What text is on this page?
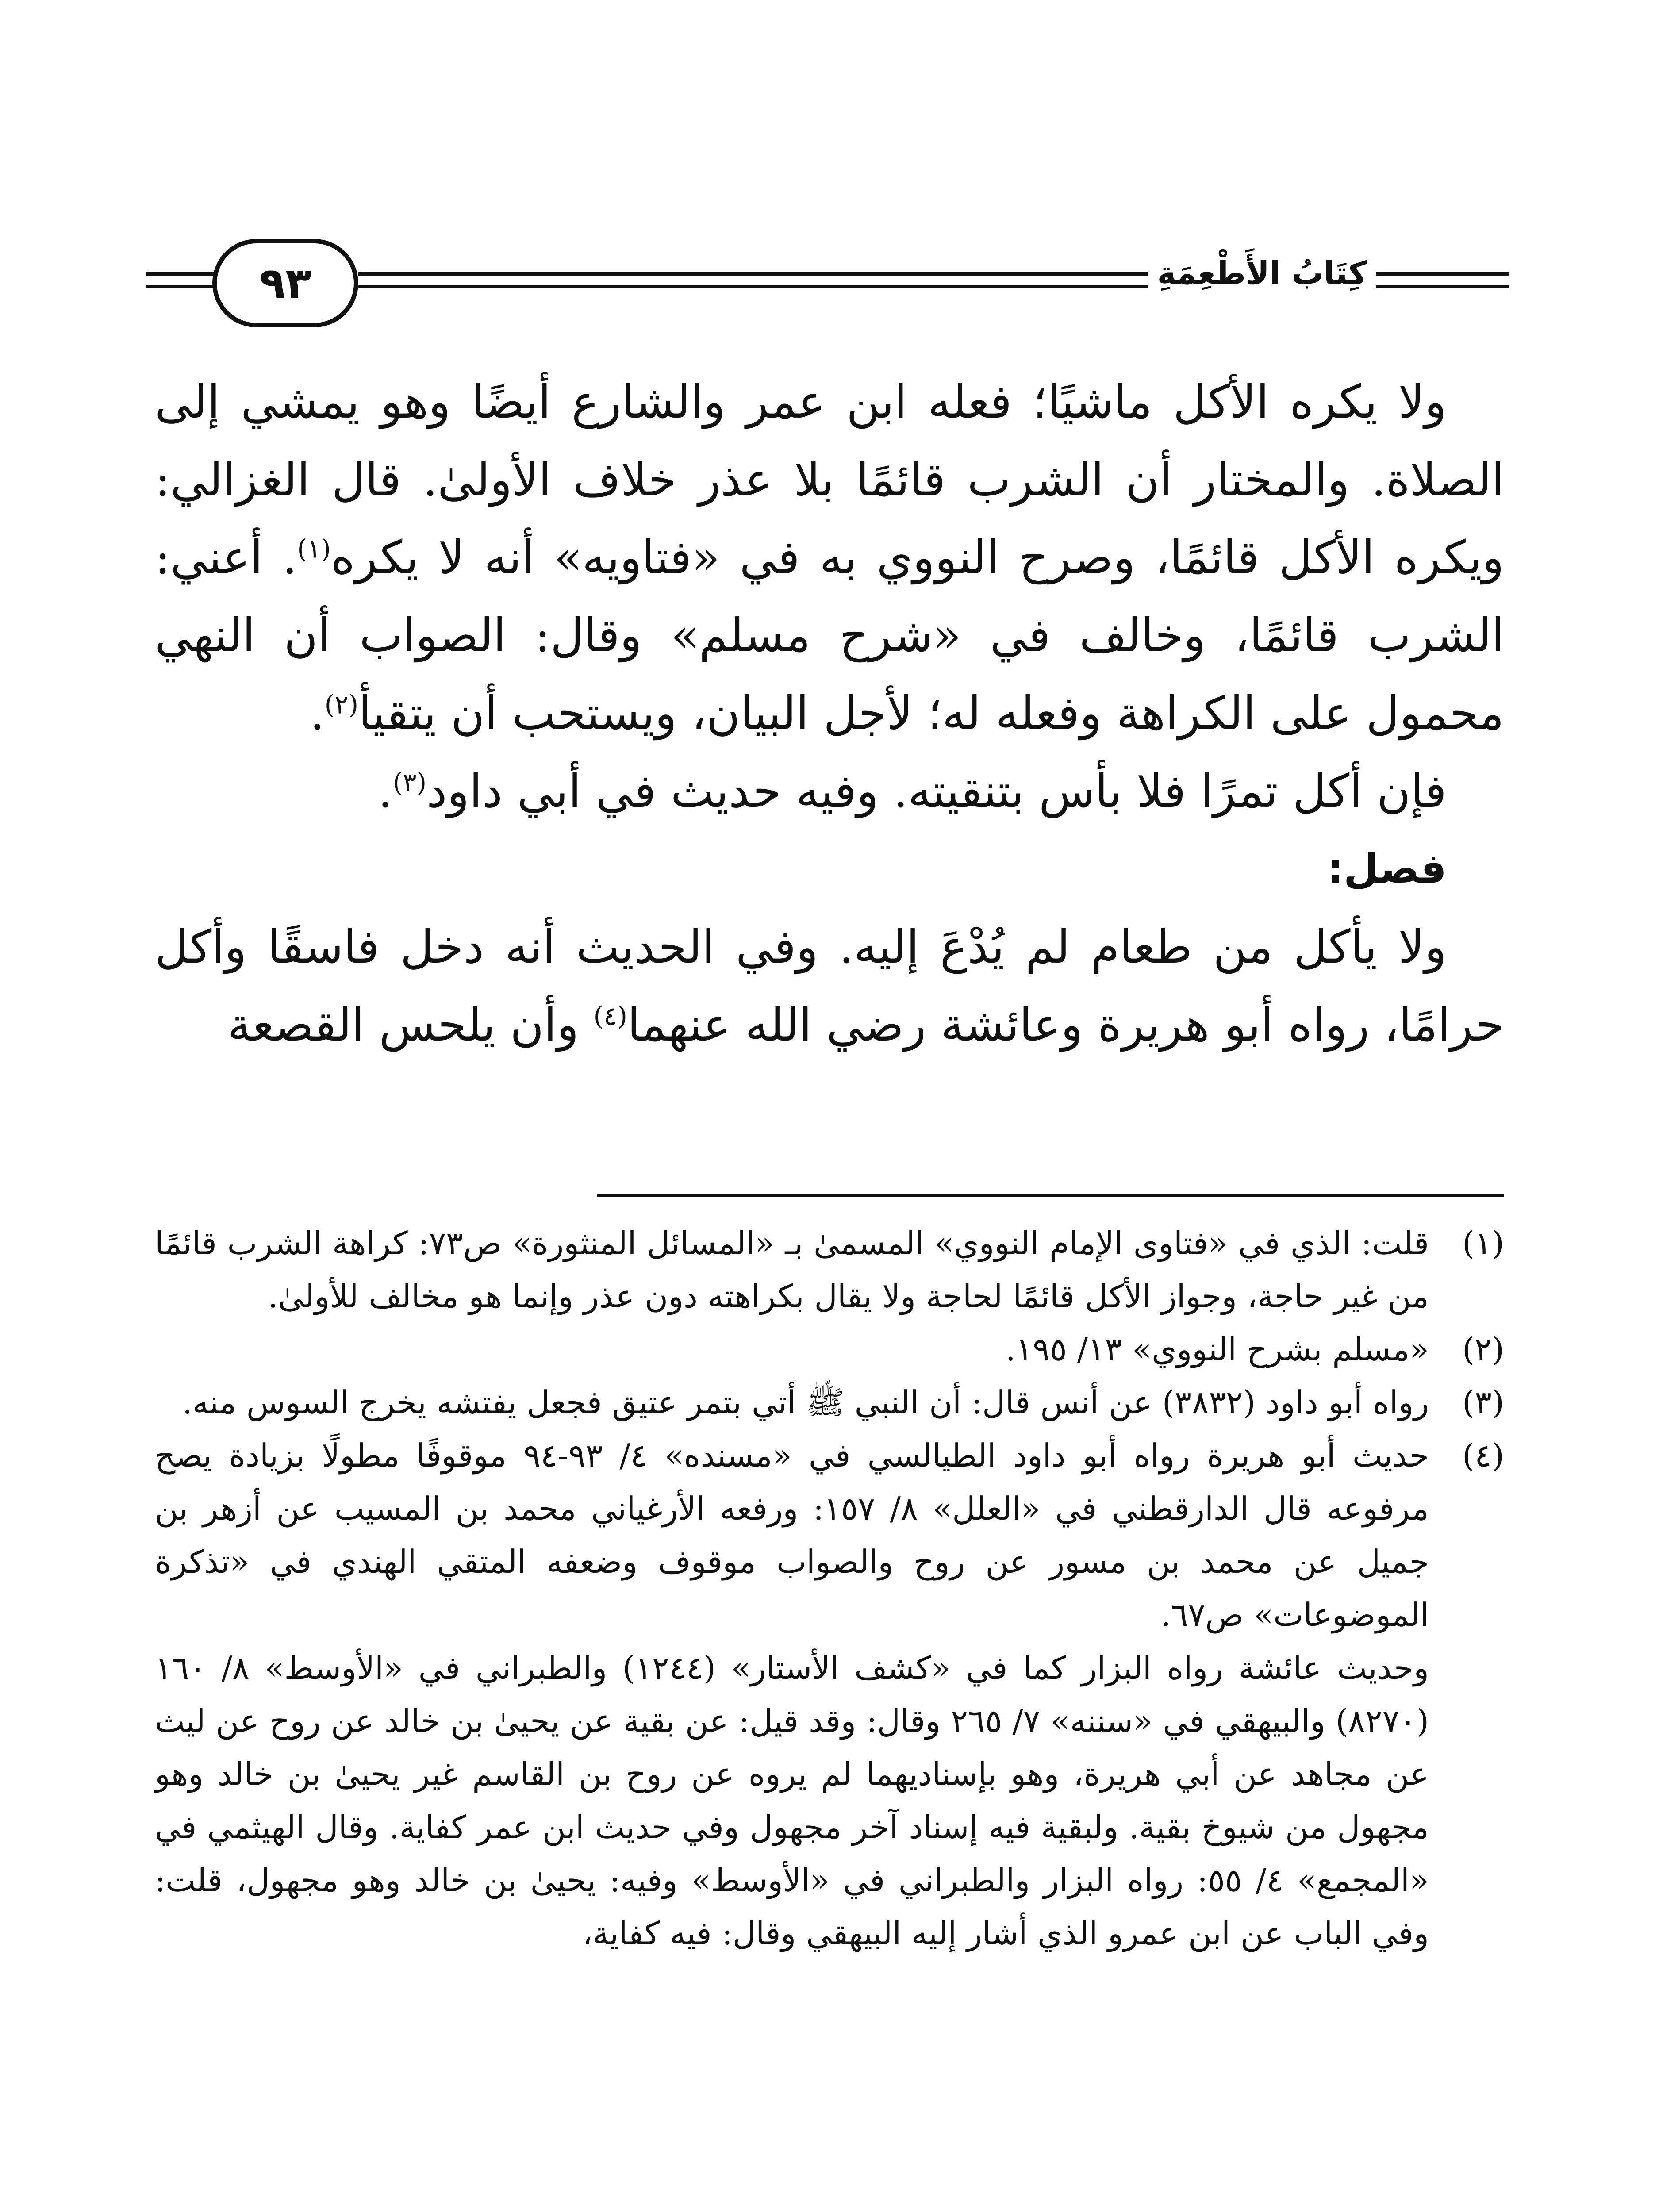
كِتَابُ الأَطْعِمَةِ
٩٣

ولا يكره الأكل ماشيًا؛ فعله ابن عمر والشارع أيضًا وهو يمشي إلى الصلاة. والمختار أن الشرب قائمًا بلا عذر خلاف الأولىٰ. قال الغزالي: ويكره الأكل قائمًا، وصرح النووي به في «فتاويه» أنه لا يكره$^{(١)}$. أعني: الشرب قائمًا، وخالف في «شرح مسلم» وقال: الصواب أن النهي محمول على الكراهة وفعله له؛ لأجل البيان، ويستحب أن يتقيأ$^{(٢)}$.

فإن أكل تمرًا فلا بأس بتنقيته. وفيه حديث في أبي داود$^{(٣)}$.

فصل:

ولا يأكل من طعام لم يُدْعَ إليه. وفي الحديث أنه دخل فاسقًا وأكل حرامًا، رواه أبو هريرة وعائشة رضي الله عنهما$^{(٤)}$ وأن يلحس القصعة

(١)
قلت: الذي في «فتاوى الإمام النووي» المسمىٰ بـ «المسائل المنثورة» ص٧٣: كراهة الشرب قائمًا من غير حاجة، وجواز الأكل قائمًا لحاجة ولا يقال بكراهته دون عذر وإنما هو مخالف للأولىٰ.
(٢)
«مسلم بشرح النووي» ١٣/ ١٩٥.
(٣)
رواه أبو داود (٣٨٣٢) عن أنس قال: أن النبي ﷺ أتي بتمر عتيق فجعل يفتشه يخرج السوس منه.
(٤)
حديث أبو هريرة رواه أبو داود الطيالسي في «مسنده» ٤/ ٩٣-٩٤ موقوفًا مطولًا بزيادة يصح مرفوعه قال الدارقطني في «العلل» ٨/ ١٥٧: ورفعه الأرغياني محمد بن المسيب عن أزهر بن جميل عن محمد بن مسور عن روح والصواب موقوف وضعفه المتقي الهندي في «تذكرة الموضوعات» ص٦٧.

وحديث عائشة رواه البزار كما في «كشف الأستار» (١٢٤٤) والطبراني في «الأوسط» ٨/ ١٦٠ (٨٢٧٠) والبيهقي في «سننه» ٧/ ٢٦٥ وقال: وقد قيل: عن بقية عن يحيىٰ بن خالد عن روح عن ليث عن مجاهد عن أبي هريرة، وهو بإسناديهما لم يروه عن روح بن القاسم غير يحيىٰ بن خالد وهو مجهول من شيوخ بقية. ولبقية فيه إسناد آخر مجهول وفي حديث ابن عمر كفاية. وقال الهيثمي في «المجمع» ٤/ ٥٥: رواه البزار والطبراني في «الأوسط» وفيه: يحيىٰ بن خالد وهو مجهول، قلت: وفي الباب عن ابن عمرو الذي أشار إليه البيهقي وقال: فيه كفاية،
